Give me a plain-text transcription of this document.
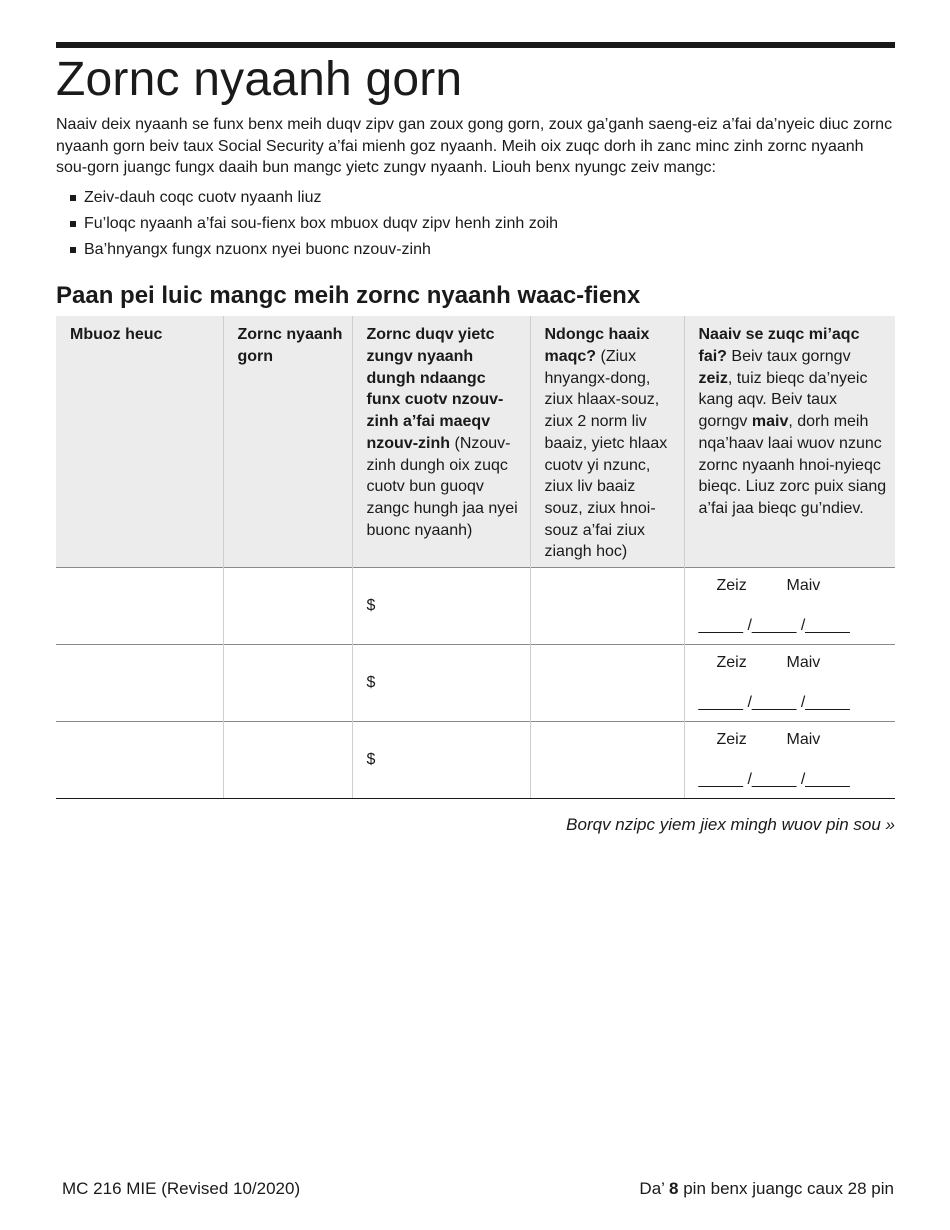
Zornc nyaanh gorn

Naaiv deix nyaanh se funx benx meih duqv zipv gan zoux gong gorn, zoux ga’ganh saeng-eiz a’fai da’nyeic diuc zornc nyaanh gorn beiv taux Social Security a’fai mienh goz nyaanh. Meih oix zuqc dorh ih zanc minc zinh zornc nyaanh sou-gorn juangc fungx daaih bun mangc yietc zungv nyaanh. Liouh benx nyungc zeiv mangc:

Zeiv-dauh coqc cuotv nyaanh liuz
Fu’loqc nyaanh a’fai sou-fienx box mbuox duqv zipv henh zinh zoih
Ba’hnyangx fungx nzuonx nyei buonc nzouv-zinh
Paan pei luic mangc meih zornc nyaanh waac-fienx
Mbuoz heuc	Zornc nyaanh gorn	Zornc duqv yietc zungv nyaanh dungh ndaangc funx cuotv nzouv-zinh a’fai maeqv nzouv-zinh (Nzouv-zinh dungh oix zuqc cuotv bun guoqv zangc hungh jaa nyei buonc nyaanh)	Ndongc haaix maqc? (Ziux hnyangx-dong, ziux hlaax-souz, ziux 2 norm liv baaiz, yietc hlaax cuotv yi nzunc, ziux liv baaiz souz, ziux hnoi-souz a’fai ziux ziangh hoc)	Naaiv se zuqc mi’aqc fai? Beiv taux gorngv zeiz, tuiz bieqc da’nyeic kang aqv. Beiv taux gorngv maiv, dorh meih nqa’haav laai wuov nzunc zornc nyaanh hnoi-nyieqc bieqc. Liuz zorc puix siang a’fai jaa bieqc gu’ndiev.
		$		Zeiz Maiv
_____ /_____ /_____

		$		Zeiz Maiv
_____ /_____ /_____

		$		Zeiz Maiv
_____ /_____ /_____
Borqv nzipc yiem jiex mingh wuov pin sou »
MC 216 MIE (Revised 10/2020)	Da’ 8 pin benx juangc caux 28 pin
